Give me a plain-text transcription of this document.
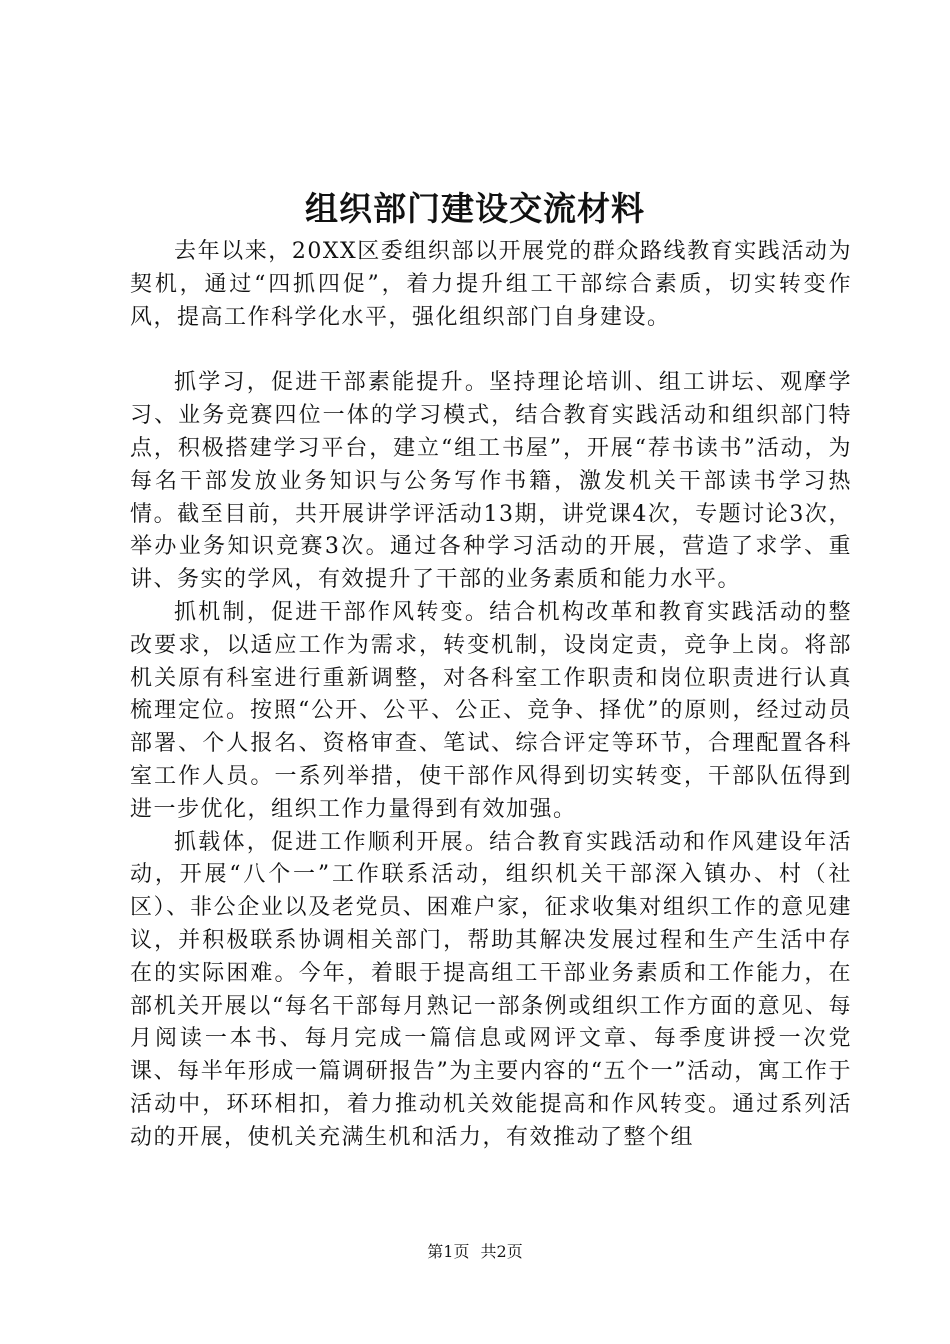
组织部门建设交流材料

去年以来，20XX区委组织部以开展党的群众路线教育实践活动为契机，通过“四抓四促”，着力提升组工干部综合素质，切实转变作风，提高工作科学化水平，强化组织部门自身建设。

抓学习，促进干部素能提升。坚持理论培训、组工讲坛、观摩学习、业务竞赛四位一体的学习模式，结合教育实践活动和组织部门特点，积极搭建学习平台，建立“组工书屋”，开展“荐书读书”活动，为每名干部发放业务知识与公务写作书籍，激发机关干部读书学习热情。截至目前，共开展讲学评活动13期，讲党课4次，专题讨论3次，举办业务知识竞赛3次。通过各种学习活动的开展，营造了求学、重讲、务实的学风，有效提升了干部的业务素质和能力水平。

抓机制，促进干部作风转变。结合机构改革和教育实践活动的整改要求，以适应工作为需求，转变机制，设岗定责，竞争上岗。将部机关原有科室进行重新调整，对各科室工作职责和岗位职责进行认真梳理定位。按照“公开、公平、公正、竞争、择优”的原则，经过动员部署、个人报名、资格审查、笔试、综合评定等环节，合理配置各科室工作人员。一系列举措，使干部作风得到切实转变，干部队伍得到进一步优化，组织工作力量得到有效加强。

抓载体，促进工作顺利开展。结合教育实践活动和作风建设年活动，开展“八个一”工作联系活动，组织机关干部深入镇办、村（社区）、非公企业以及老党员、困难户家，征求收集对组织工作的意见建议，并积极联系协调相关部门，帮助其解决发展过程和生产生活中存在的实际困难。今年，着眼于提高组工干部业务素质和工作能力，在部机关开展以“每名干部每月熟记一部条例或组织工作方面的意见、每月阅读一本书、每月完成一篇信息或网评文章、每季度讲授一次党课、每半年形成一篇调研报告”为主要内容的“五个一”活动，寓工作于活动中，环环相扣，着力推动机关效能提高和作风转变。通过系列活动的开展，使机关充满生机和活力，有效推动了整个组

第1页 共2页
